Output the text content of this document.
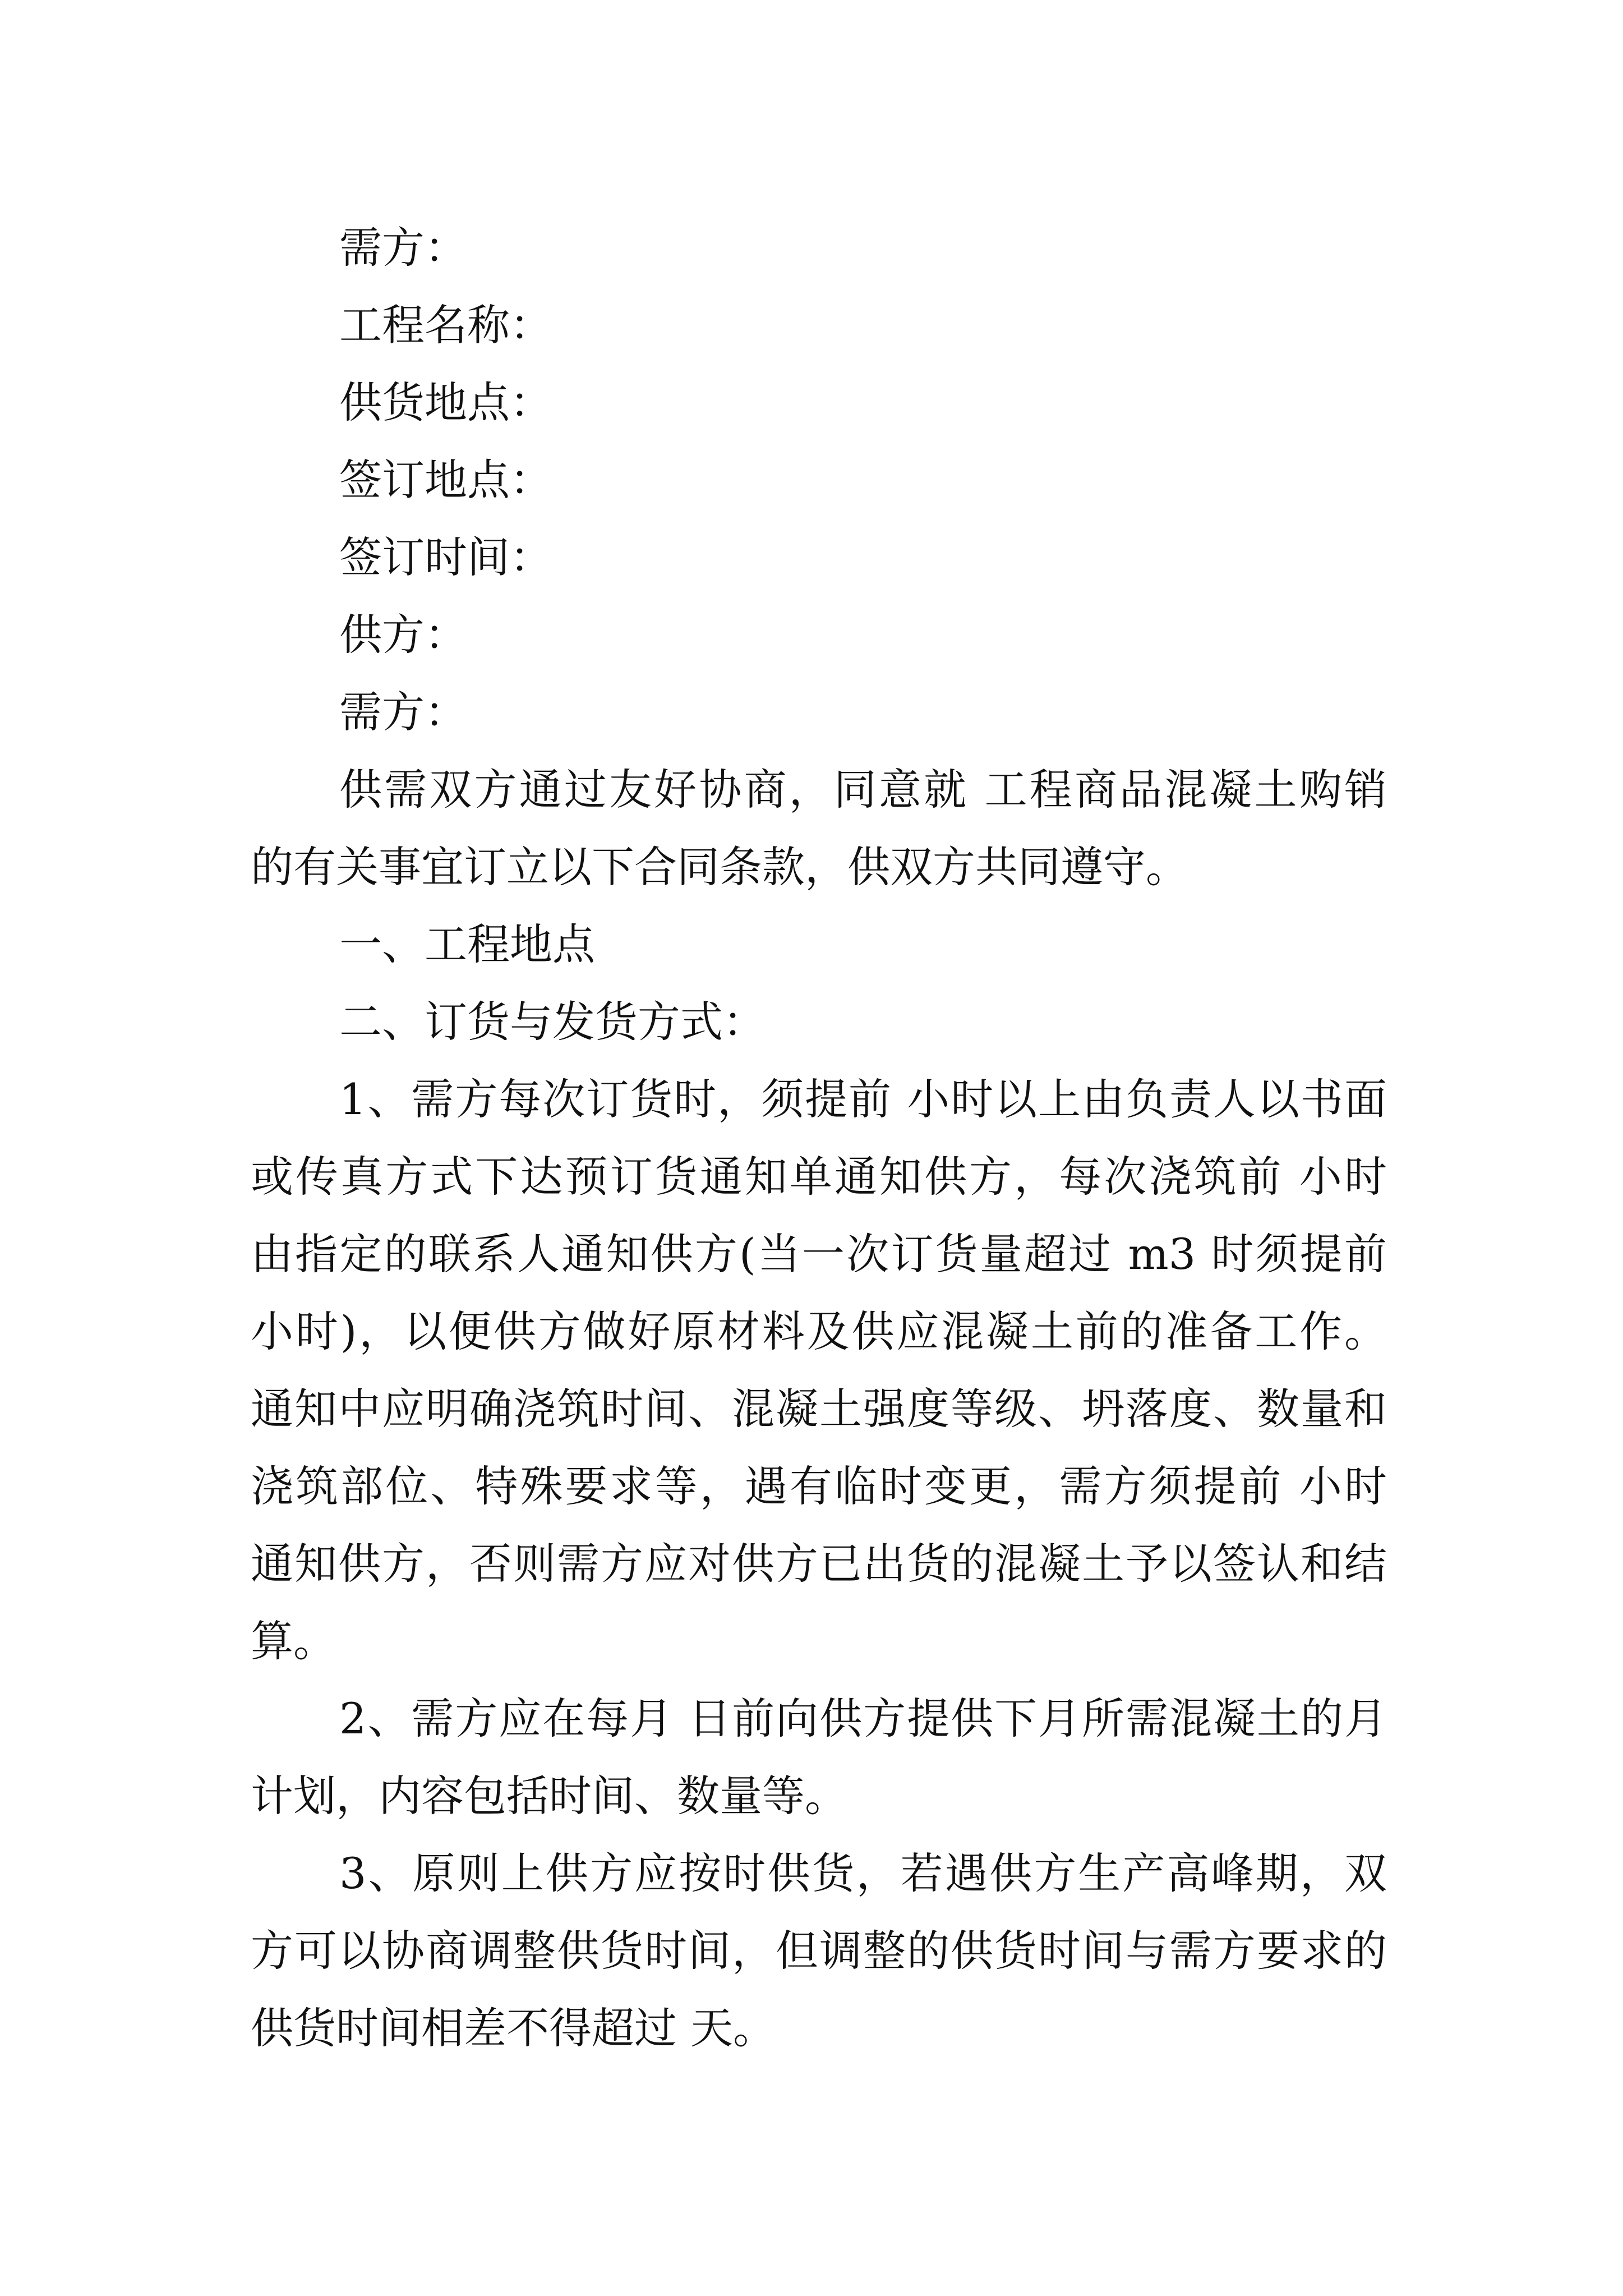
需方：
工程名称：
供货地点：
签订地点：
签订时间：
供方：
需方：
供需双方通过友好协商，同意就 工程商品混凝土购销
的有关事宜订立以下合同条款，供双方共同遵守。
一、工程地点
二、订货与发货方式：
1、需方每次订货时，须提前 小时以上由负责人以书面
或传真方式下达预订货通知单通知供方，每次浇筑前 小时
由指定的联系人通知供方(当一次订货量超过 m3 时须提前
小时)，以便供方做好原材料及供应混凝土前的准备工作。
通知中应明确浇筑时间、混凝土强度等级、坍落度、数量和
浇筑部位、特殊要求等，遇有临时变更，需方须提前 小时
通知供方，否则需方应对供方已出货的混凝土予以签认和结
算。
2、需方应在每月 日前向供方提供下月所需混凝土的月
计划，内容包括时间、数量等。
3、原则上供方应按时供货，若遇供方生产高峰期，双
方可以协商调整供货时间，但调整的供货时间与需方要求的
供货时间相差不得超过 天。
